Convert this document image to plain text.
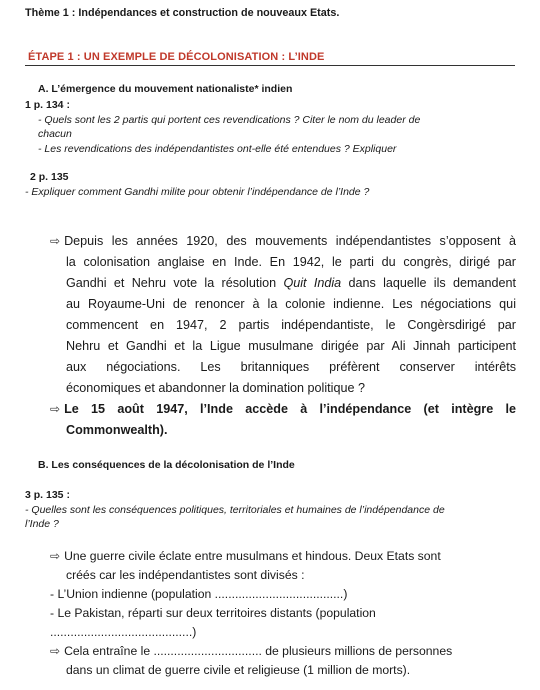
Thème 1 : Indépendances et construction de nouveaux Etats.
ÉTAPE 1 : UN EXEMPLE DE DÉCOLONISATION : L’INDE
A. L’émergence du mouvement nationaliste* indien
1 p. 134 :
- Quels sont les 2 partis qui portent ces revendications ? Citer le nom du leader de
chacun
- Les revendications des indépendantistes ont-elle été entendues ? Expliquer
2 p. 135
- Expliquer comment Gandhi milite pour obtenir l’indépendance de l’Inde ?
⇨ Depuis les années 1920, des mouvements indépendantistes s’opposent à
la colonisation anglaise en Inde. En 1942, le parti du congrès, dirigé par
Gandhi et Nehru vote la résolution Quit India dans laquelle ils demandent
au Royaume-Uni de renoncer à la colonie indienne. Les négociations qui
commencent en 1947, 2 partis indépendantiste, le Congèrsdirigé par
Nehru et Gandhi et la Ligue musulmane dirigée par Ali Jinnah participent
aux négociations. Les britanniques préfèrent conserver intérêts
économiques et abandonner la domination politique ?
⇨ Le 15 août 1947, l’Inde accède à l’indépendance (et intègre le
Commonwealth).
B. Les conséquences de la décolonisation de l’Inde
3 p. 135 :
- Quelles sont les conséquences politiques, territoriales et humaines de l’indépendance de
l’Inde ?
⇨ Une guerre civile éclate entre musulmans et hindous. Deux Etats sont
créés car les indépendantistes sont divisés :
- L’Union indienne (population ......................................)
- Le Pakistan, réparti sur deux territoires distants (population
..........................................)
⇨ Cela entraîne le ................................ de plusieurs millions de personnes
dans un climat de guerre civile et religieuse (1 million de morts).
